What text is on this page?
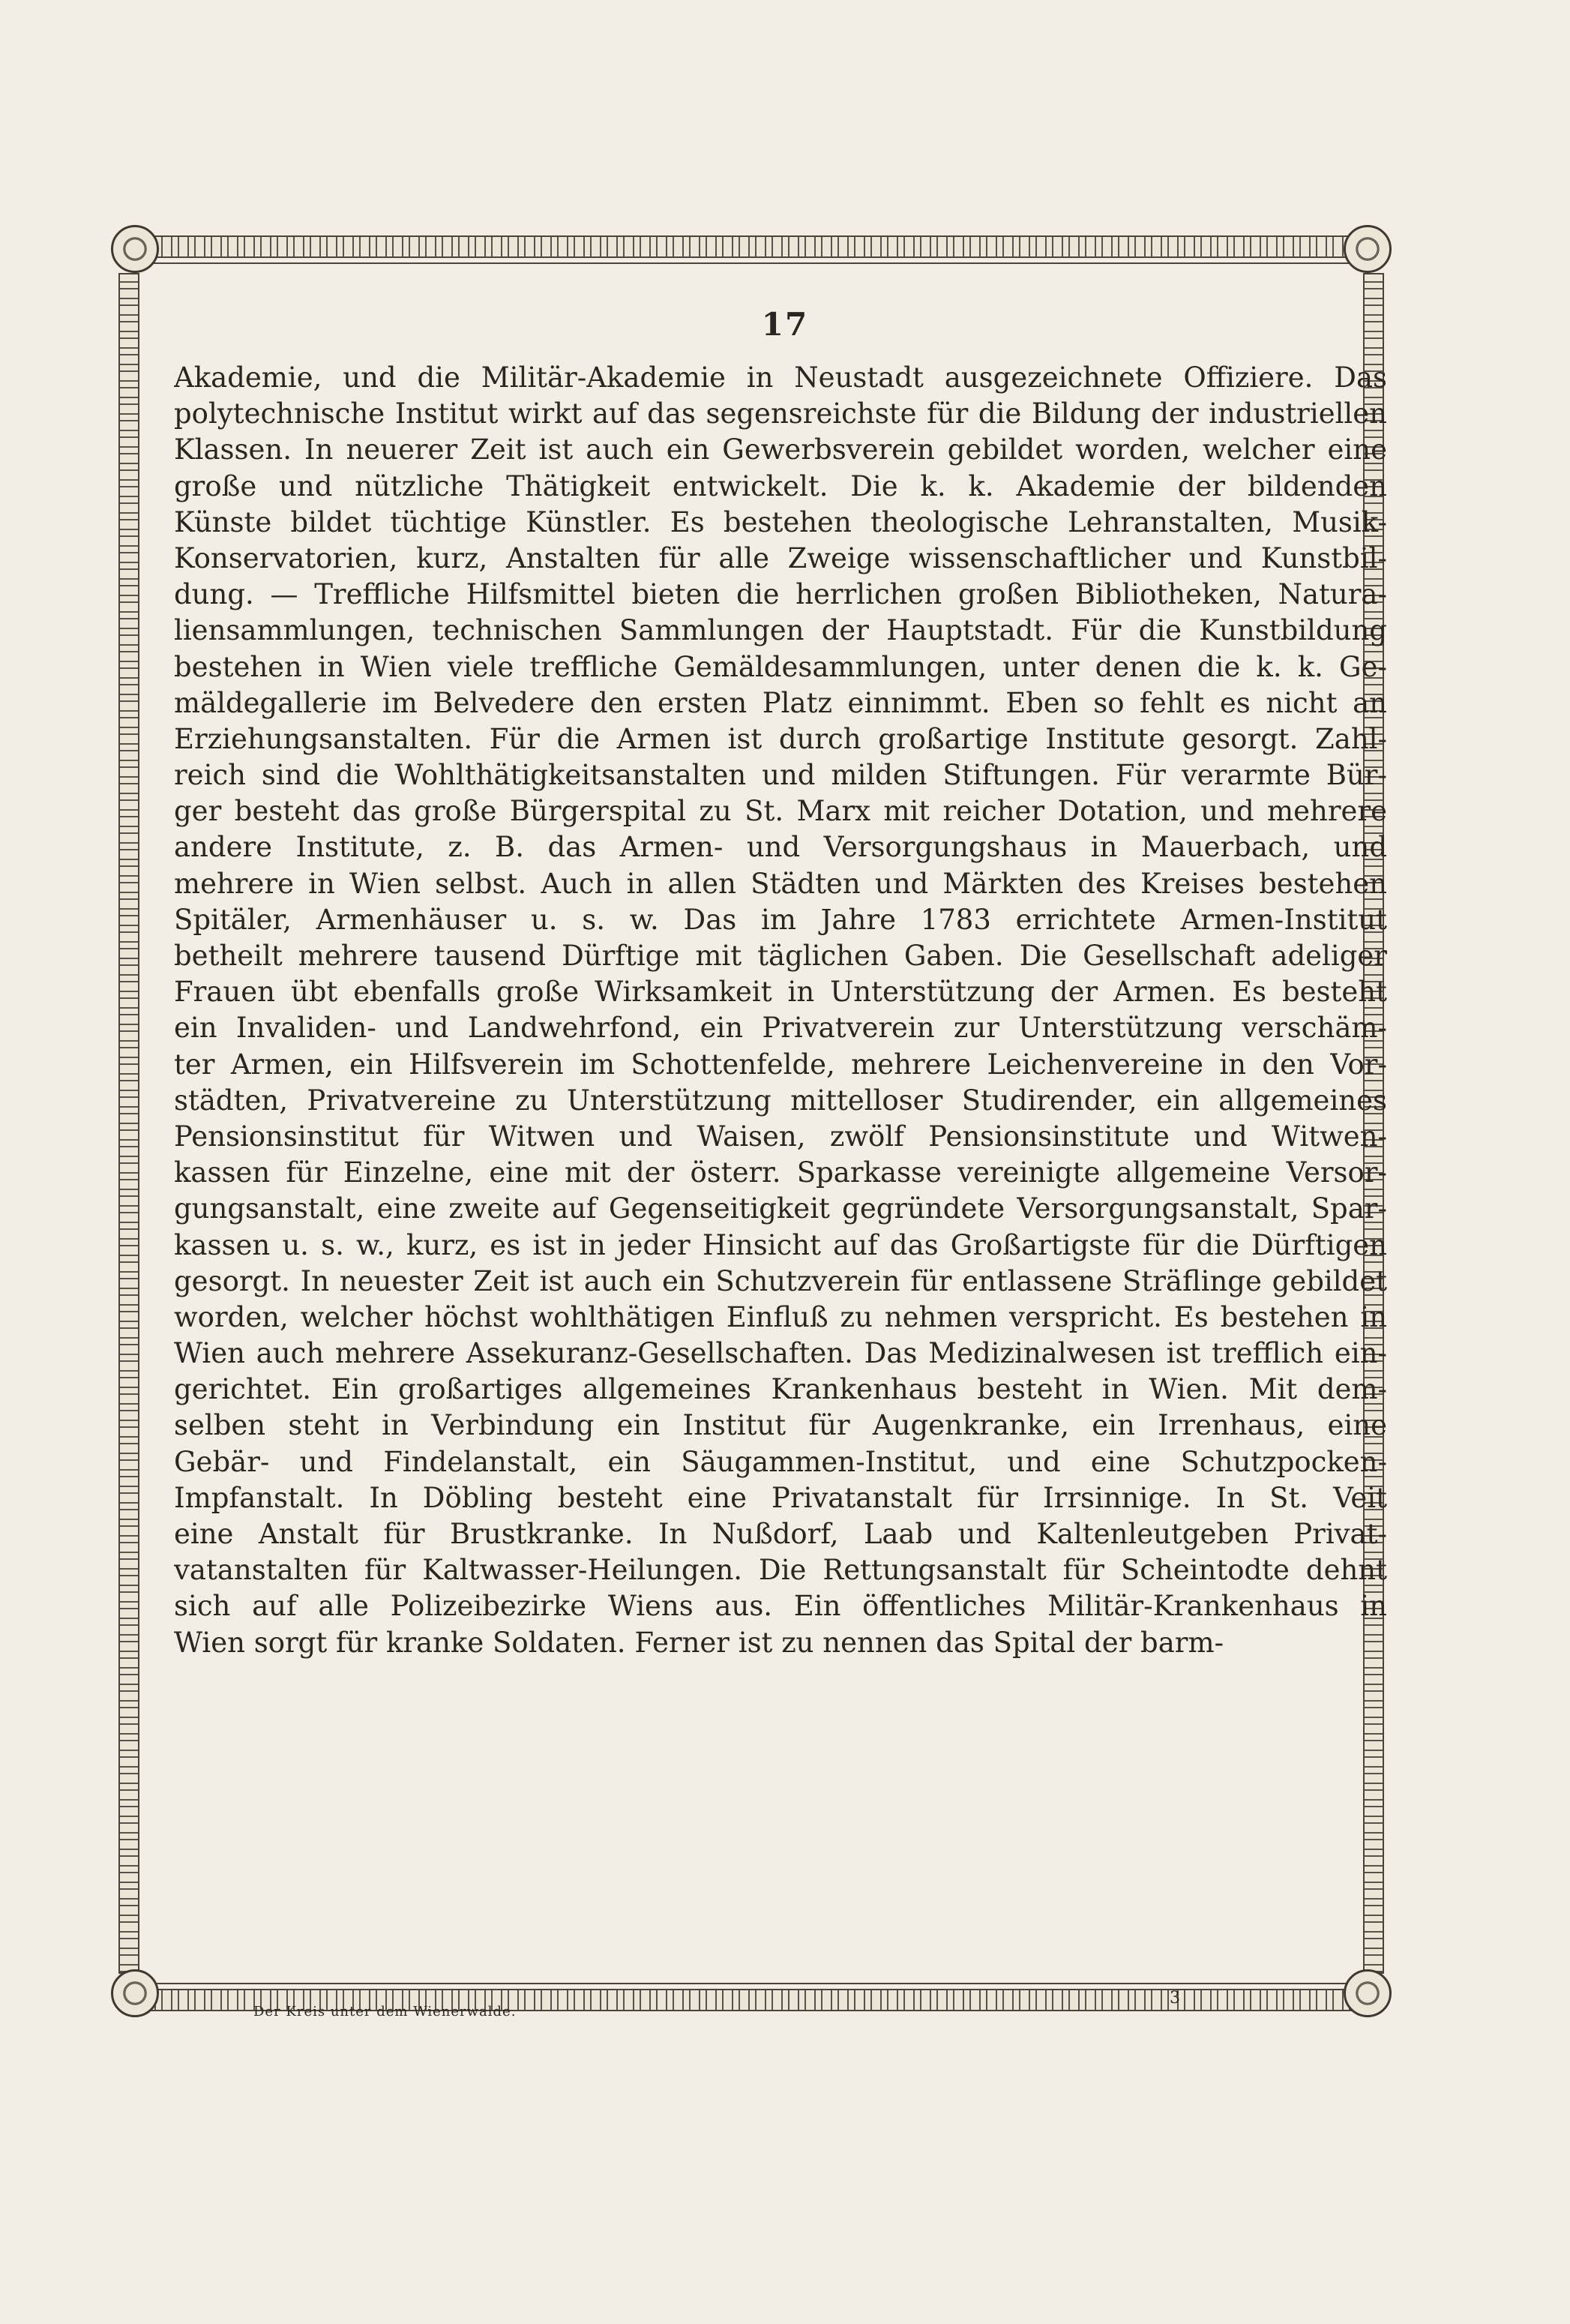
17
Akademie, und die Militär-Akademie in Neustadt ausgezeichnete Offiziere. Das
polytechnische Institut wirkt auf das segensreichste für die Bildung der industriellen
Klassen. In neuerer Zeit ist auch ein Gewerbsverein gebildet worden, welcher eine
große und nützliche Thätigkeit entwickelt. Die k. k. Akademie der bildenden
Künste bildet tüchtige Künstler. Es bestehen theologische Lehranstalten, Musik-
Konservatorien, kurz, Anstalten für alle Zweige wissenschaftlicher und Kunstbil-
dung. — Treffliche Hilfsmittel bieten die herrlichen großen Bibliotheken, Natura-
liensammlungen, technischen Sammlungen der Hauptstadt. Für die Kunstbildung
bestehen in Wien viele treffliche Gemäldesammlungen, unter denen die k. k. Ge-
mäldegallerie im Belvedere den ersten Platz einnimmt. Eben so fehlt es nicht an
Erziehungsanstalten. Für die Armen ist durch großartige Institute gesorgt. Zahl-
reich sind die Wohlthätigkeitsanstalten und milden Stiftungen. Für verarmte Bür-
ger besteht das große Bürgerspital zu St. Marx mit reicher Dotation, und mehrere
andere Institute, z. B. das Armen- und Versorgungshaus in Mauerbach, und
mehrere in Wien selbst. Auch in allen Städten und Märkten des Kreises bestehen
Spitäler, Armenhäuser u. s. w. Das im Jahre 1783 errichtete Armen-Institut
betheilt mehrere tausend Dürftige mit täglichen Gaben. Die Gesellschaft adeliger
Frauen übt ebenfalls große Wirksamkeit in Unterstützung der Armen. Es besteht
ein Invaliden- und Landwehrfond, ein Privatverein zur Unterstützung verschäm-
ter Armen, ein Hilfsverein im Schottenfelde, mehrere Leichenvereine in den Vor-
städten, Privatvereine zu Unterstützung mittelloser Studirender, ein allgemeines
Pensionsinstitut für Witwen und Waisen, zwölf Pensionsinstitute und Witwen-
kassen für Einzelne, eine mit der österr. Sparkasse vereinigte allgemeine Versor-
gungsanstalt, eine zweite auf Gegenseitigkeit gegründete Versorgungsanstalt, Spar-
kassen u. s. w., kurz, es ist in jeder Hinsicht auf das Großartigste für die Dürftigen
gesorgt. In neuester Zeit ist auch ein Schutzverein für entlassene Sträflinge gebildet
worden, welcher höchst wohlthätigen Einfluß zu nehmen verspricht. Es bestehen in
Wien auch mehrere Assekuranz-Gesellschaften. Das Medizinalwesen ist trefflich ein-
gerichtet. Ein großartiges allgemeines Krankenhaus besteht in Wien. Mit dem-
selben steht in Verbindung ein Institut für Augenkranke, ein Irrenhaus, eine
Gebär- und Findelanstalt, ein Säugammen-Institut, und eine Schutzpocken-
Impfanstalt. In Döbling besteht eine Privatanstalt für Irrsinnige. In St. Veit
eine Anstalt für Brustkranke. In Nußdorf, Laab und Kaltenleutgeben Privat-
vatanstalten für Kaltwasser-Heilungen. Die Rettungsanstalt für Scheintodte dehnt
sich auf alle Polizeibezirke Wiens aus. Ein öffentliches Militär-Krankenhaus in
Wien sorgt für kranke Soldaten. Ferner ist zu nennen das Spital der barm-
Der Kreis unter dem Wienerwalde.
3
